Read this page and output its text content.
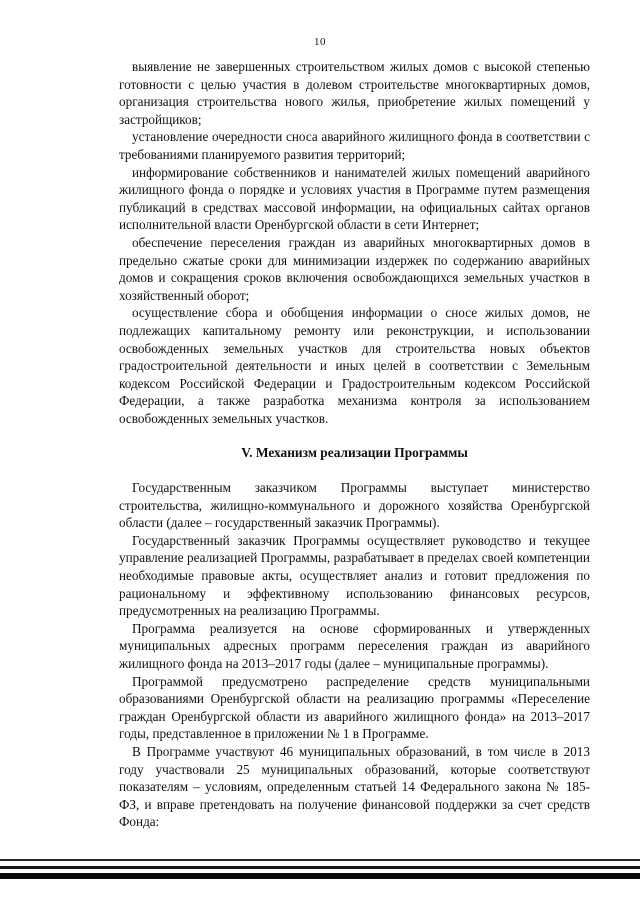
10

выявление не завершенных строительством жилых домов с высокой степенью готовности с целью участия в долевом строительстве многоквартирных домов, организация строительства нового жилья, приобретение жилых помещений у застройщиков;

установление очередности сноса аварийного жилищного фонда в соответствии с требованиями планируемого развития территорий;

информирование собственников и нанимателей жилых помещений аварийного жилищного фонда о порядке и условиях участия в Программе путем размещения публикаций в средствах массовой информации, на официальных сайтах органов исполнительной власти Оренбургской области в сети Интернет;

обеспечение переселения граждан из аварийных многоквартирных домов в предельно сжатые сроки для минимизации издержек по содержанию аварийных домов и сокращения сроков включения освобождающихся земельных участков в хозяйственный оборот;

осуществление сбора и обобщения информации о сносе жилых домов, не подлежащих капитальному ремонту или реконструкции, и использовании освобожденных земельных участков для строительства новых объектов градостроительной деятельности и иных целей в соответствии с Земельным кодексом Российской Федерации и Градостроительным кодексом Российской Федерации, а также разработка механизма контроля за использованием освобожденных земельных участков.

V. Механизм реализации Программы

Государственным заказчиком Программы выступает министерство строительства, жилищно-коммунального и дорожного хозяйства Оренбургской области (далее – государственный заказчик Программы).

Государственный заказчик Программы осуществляет руководство и текущее управление реализацией Программы, разрабатывает в пределах своей компетенции необходимые правовые акты, осуществляет анализ и готовит предложения по рациональному и эффективному использованию финансовых ресурсов, предусмотренных на реализацию Программы.

Программа реализуется на основе сформированных и утвержденных муниципальных адресных программ переселения граждан из аварийного жилищного фонда на 2013–2017 годы (далее – муниципальные программы).

Программой предусмотрено распределение средств муниципальными образованиями Оренбургской области на реализацию программы «Переселение граждан Оренбургской области из аварийного жилищного фонда» на 2013–2017 годы, представленное в приложении № 1 в Программе.

В Программе участвуют 46 муниципальных образований, в том числе в 2013 году участвовали 25 муниципальных образований, которые соответствуют показателям – условиям, определенным статьей 14 Федерального закона № 185-ФЗ, и вправе претендовать на получение финансовой поддержки за счет средств Фонда:
